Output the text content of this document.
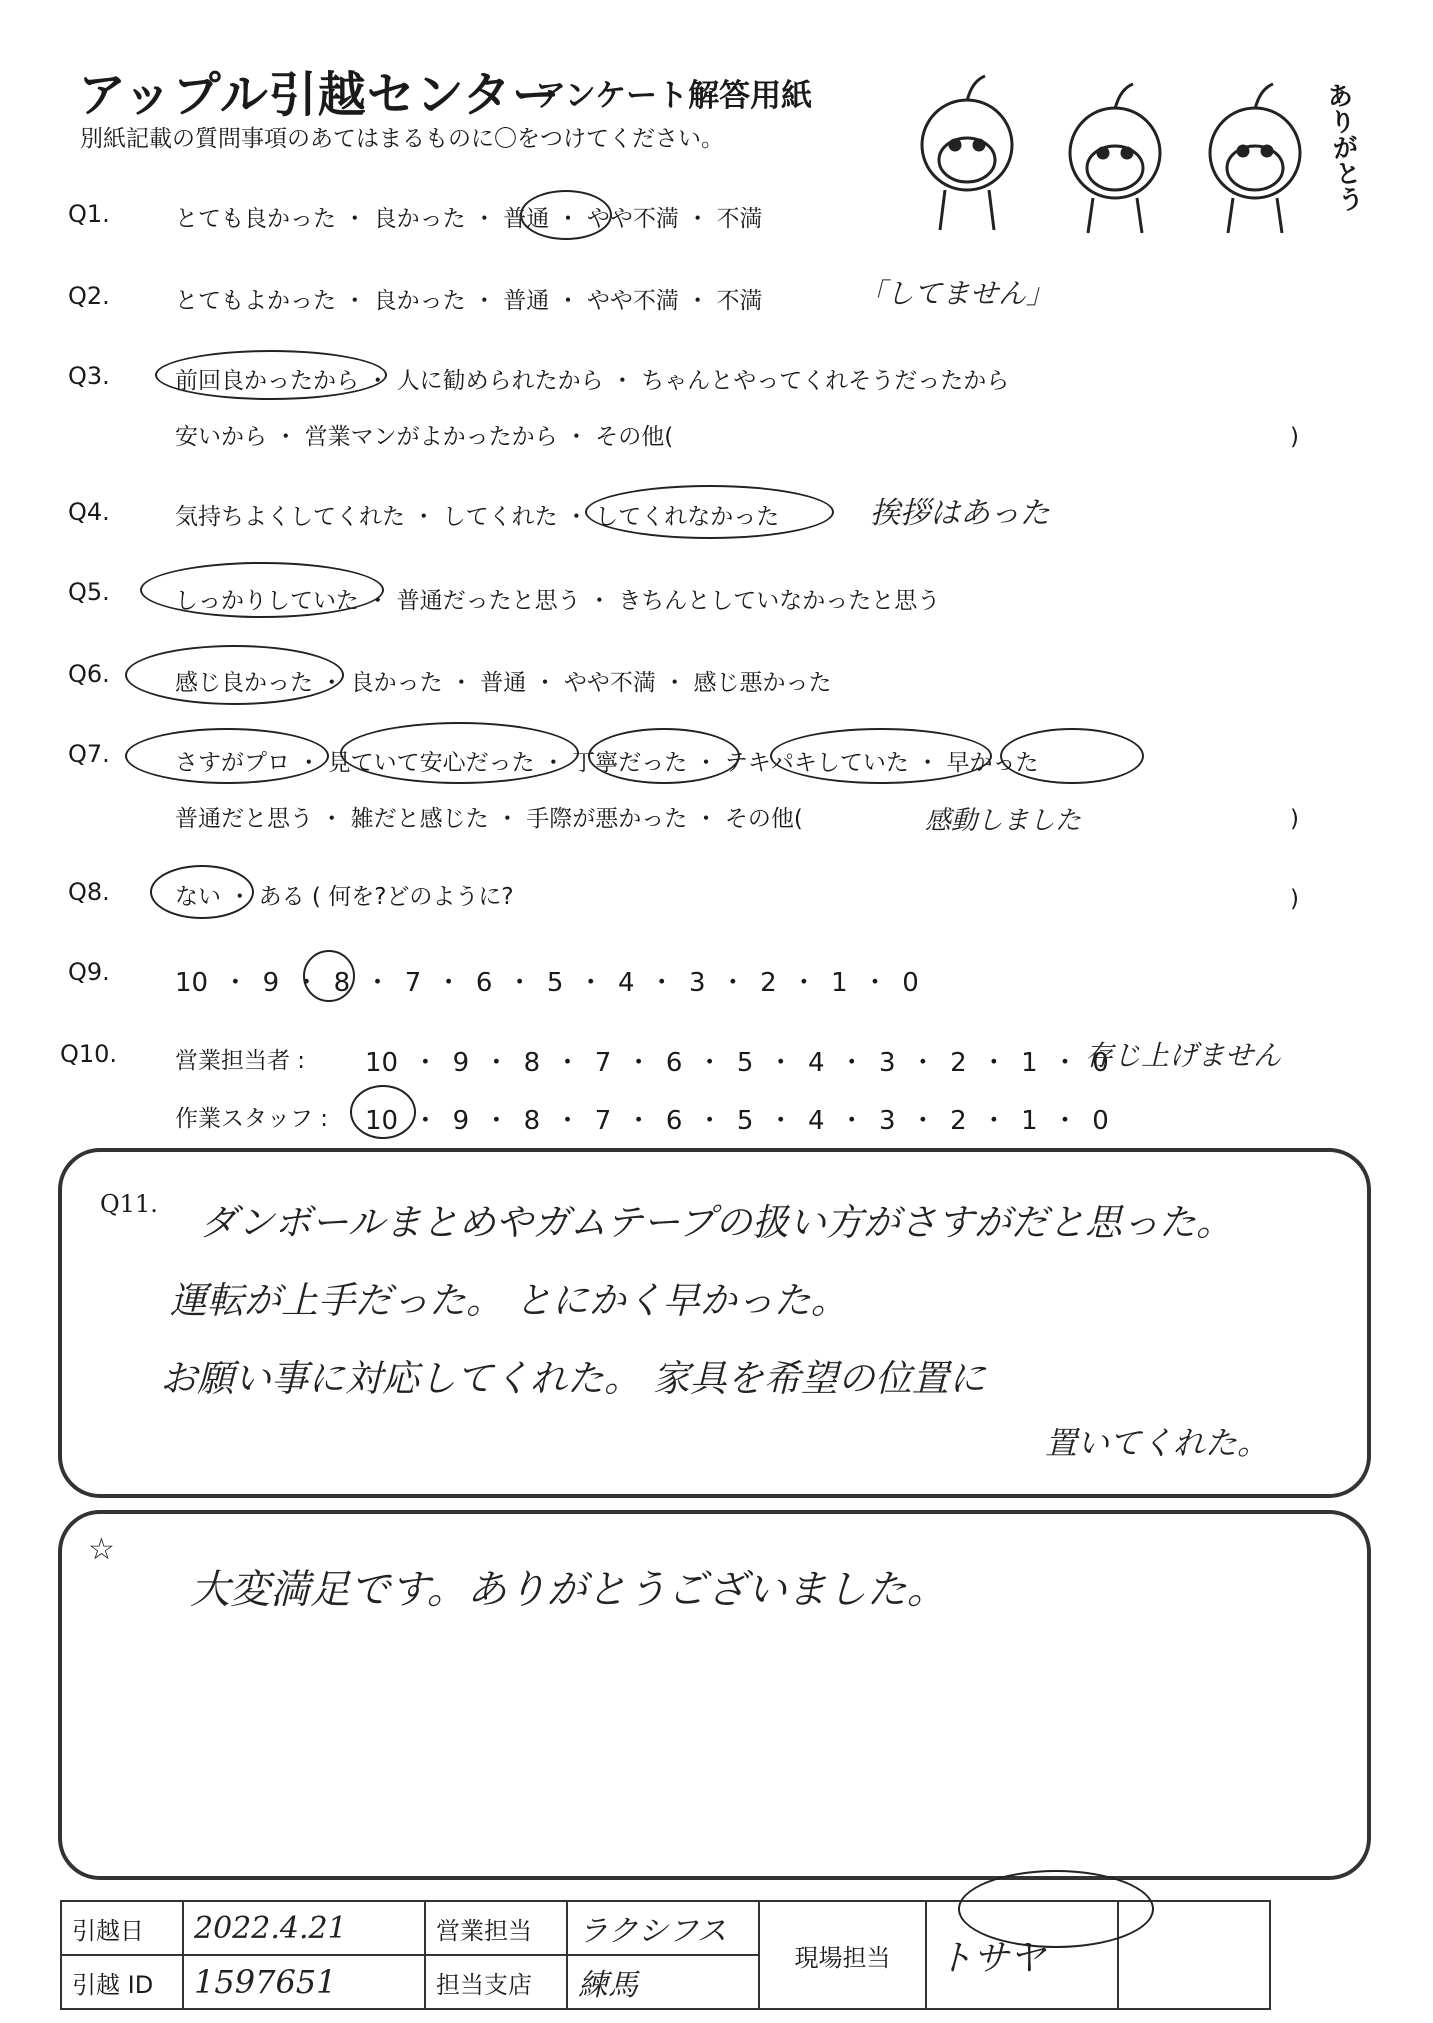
アップル引越センター
アンケート解答用紙
別紙記載の質問事項のあてはまるものに〇をつけてください。	ありがとう
Q1.	とても良かった ・ 良かった ・ 普通 ・ やや不満 ・ 不満
Q2.	とてもよかった ・ 良かった ・ 普通 ・ やや不満 ・ 不満	「してません」
Q3.	前回良かったから ・ 人に勧められたから ・ ちゃんとやってくれそうだったから
安いから ・ 営業マンがよかったから ・ その他(	)
Q4.	気持ちよくしてくれた ・ してくれた ・ してくれなかった	挨拶はあった
Q5.	しっかりしていた ・ 普通だったと思う ・ きちんとしていなかったと思う
Q6.	感じ良かった ・ 良かった ・ 普通 ・ やや不満 ・ 感じ悪かった
Q7.	さすがプロ ・ 見ていて安心だった ・ 丁寧だった ・ テキパキしていた ・ 早かった
普通だと思う ・ 雑だと感じた ・ 手際が悪かった ・ その他(	感動しました	)
Q8.	ない ・ ある ( 何を?どのように?	)
Q9.	10 ・ 9 ・ 8 ・ 7 ・ 6 ・ 5 ・ 4 ・ 3 ・ 2 ・ 1 ・ 0
Q10.	営業担当者 : 10 ・ 9 ・ 8 ・ 7 ・ 6 ・ 5 ・ 4 ・ 3 ・ 2 ・ 1 ・ 0
存じ上げません
作業スタッフ : 10 ・ 9 ・ 8 ・ 7 ・ 6 ・ 5 ・ 4 ・ 3 ・ 2 ・ 1 ・ 0
Q11. ダンボールまとめやガムテープの扱い方がさすがだと思った。
運転が上手だった。 とにかく早かった。
お願い事に対応してくれた。 家具を希望の位置に
置いてくれた。
☆
大変満足です。ありがとうございました。
引越日	2022.4.21	営業担当	ラクシフス	現場担当	トサヤ	
引越 ID	1597651	担当支店	練馬			
